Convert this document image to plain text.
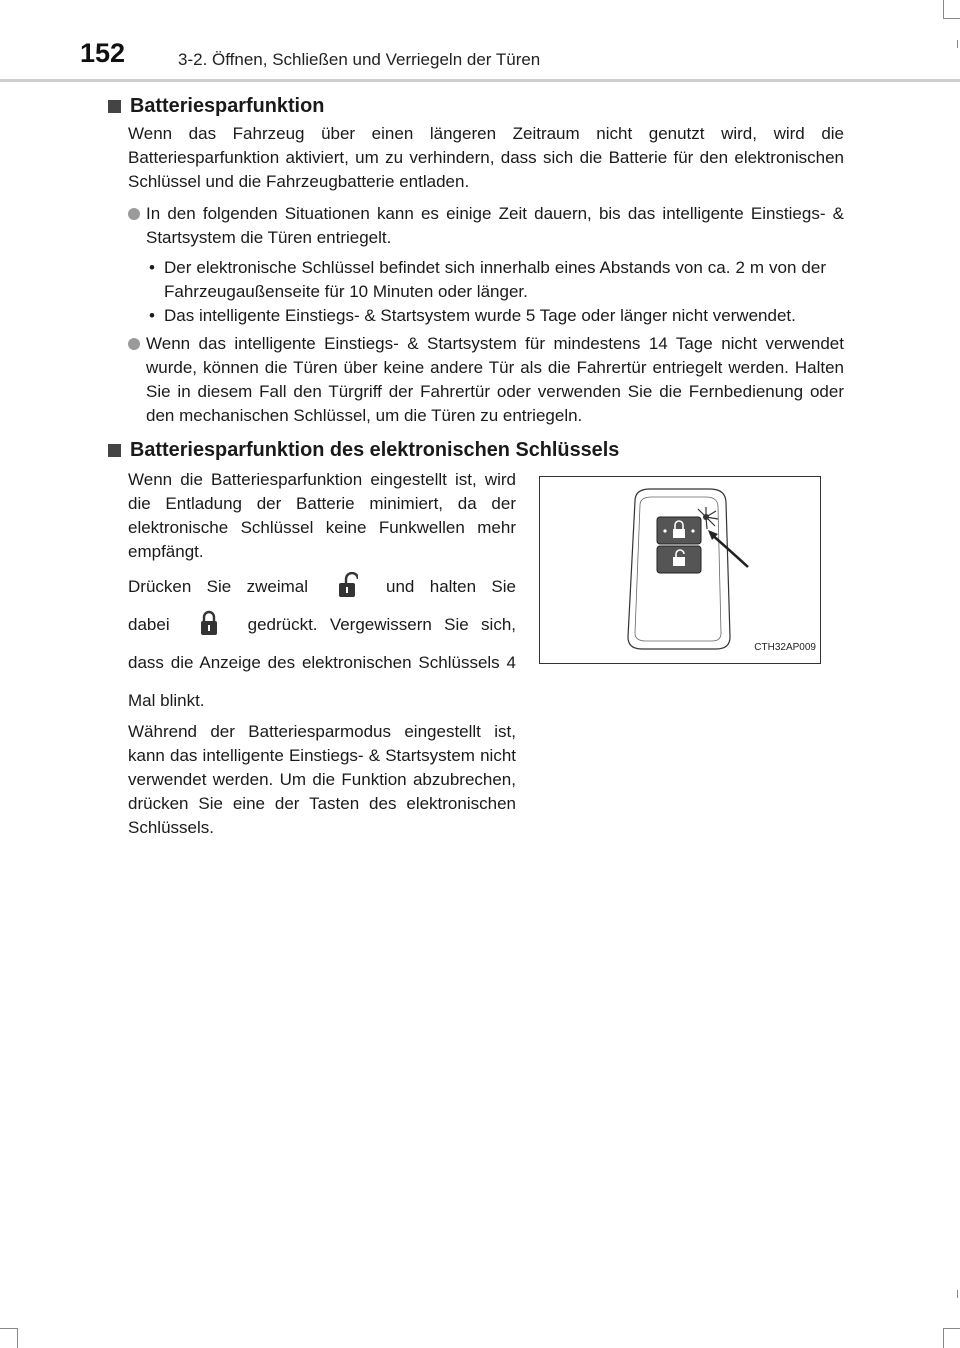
152	3-2. Öffnen, Schließen und Verriegeln der Türen
Batteriesparfunktion

Wenn das Fahrzeug über einen längeren Zeitraum nicht genutzt wird, wird die Batteriesparfunktion aktiviert, um zu verhindern, dass sich die Batterie für den elektronischen Schlüssel und die Fahrzeugbatterie entladen.

In den folgenden Situationen kann es einige Zeit dauern, bis das intelligente Einstiegs- & Startsystem die Türen entriegelt.
• Der elektronische Schlüssel befindet sich innerhalb eines Abstands von ca. 2 m von der Fahrzeugaußenseite für 10 Minuten oder länger.
• Das intelligente Einstiegs- & Startsystem wurde 5 Tage oder länger nicht verwendet.
Wenn das intelligente Einstiegs- & Startsystem für mindestens 14 Tage nicht verwendet wurde, können die Türen über keine andere Tür als die Fahrertür entriegelt werden. Halten Sie in diesem Fall den Türgriff der Fahrertür oder verwenden Sie die Fernbedienung oder den mechanischen Schlüssel, um die Türen zu entriegeln.
Batteriesparfunktion des elektronischen Schlüssels

Wenn die Batteriesparfunktion eingestellt ist, wird die Entladung der Batterie minimiert, da der elektronische Schlüssel keine Funkwellen mehr empfängt.

Drücken Sie zweimal	und halten Sie dabei	gedrückt. Vergewissern Sie sich, dass die Anzeige des elektronischen Schlüssels 4 Mal blinkt.

Während der Batteriesparmodus eingestellt ist, kann das intelligente Einstiegs- & Startsystem nicht verwendet werden. Um die Funktion abzubrechen, drücken Sie eine der Tasten des elektronischen Schlüssels.

CTH32AP009
